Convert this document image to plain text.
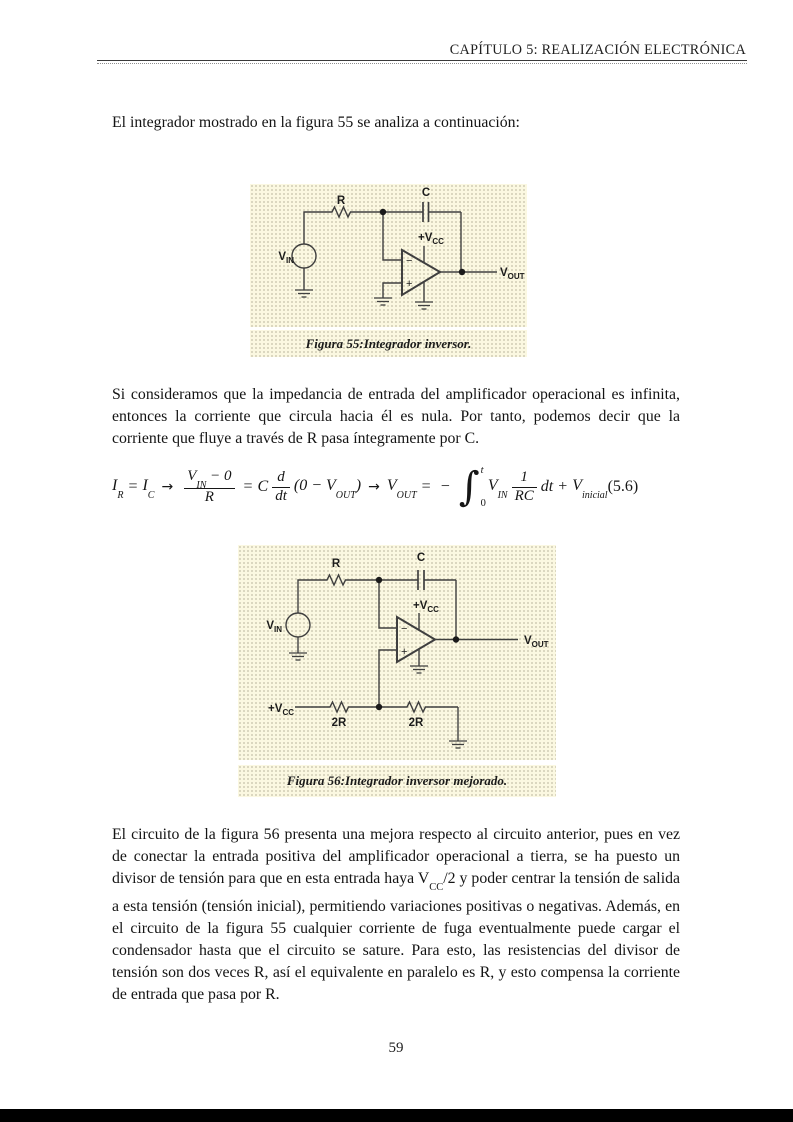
CAPÍTULO 5: REALIZACIÓN ELECTRÓNICA
El integrador mostrado en la figura 55 se analiza a continuación:
$V_{IN}$
R
C
$+V_{CC}$
$V_{OUT}$
−
+
Figura 55: Integrador inversor.
Si consideramos que la impedancia de entrada del amplificador operacional es infinita, entonces la corriente que circula hacia él es nula. Por tanto, podemos decir que la corriente que fluye a través de R pasa íntegramente por C.
$I_R$
= $I_C$
→ $\frac{V_{IN} - 0}{R} = C \frac{d}{dt} (0 - V_{OUT}) \to V_{OUT}$
= − ∫ t
0
$V_{IN} \frac{1}{RC}$ dt + $V_{inicial}$
(5.6)
$V_{IN}$
R	C
$+V_{CC}$
$V_{OUT}$
−
+
$+V_{CC}$
2R	2R
Figura 56: Integrador inversor mejorado.
El circuito de la figura 56 presenta una mejora respecto al circuito anterior, pues en vez de conectar la entrada positiva del amplificador operacional a tierra, se ha puesto un divisor de tensión para que en esta entrada haya $V_{CC}/2$ y poder centrar la tensión de salida a esta tensión (tensión inicial), permitiendo variaciones positivas o negativas. Además, en el circuito de la figura 55 cualquier corriente de fuga eventualmente puede cargar el condensador hasta que el circuito se sature. Para esto, las resistencias del divisor de tensión son dos veces R, así el equivalente en paralelo es R, y esto compensa la corriente de entrada que pasa por R.
59
